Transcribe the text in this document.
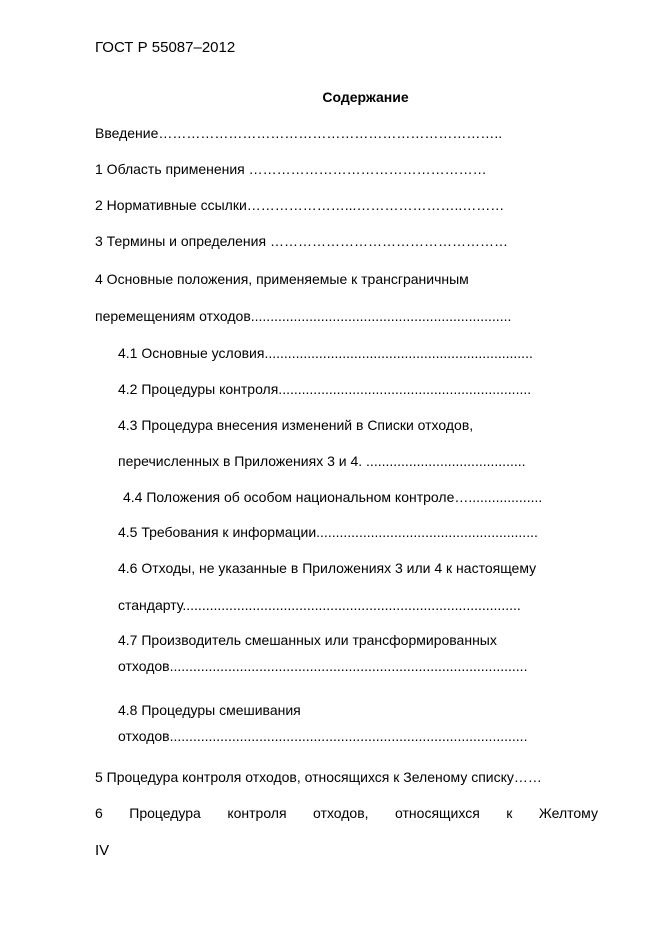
ГОСТ Р 55087–2012
Содержание
Введение………………………………………………………………..
1 Область применения ……………………………………………
2 Нормативные ссылки…………………...…………………..………
3 Термины и определения ……………………………………………
4 Основные положения, применяемые к трансграничным
перемещениям отходов...................................................................
4.1 Основные условия.....................................................................
4.2 Процедуры контроля.................................................................
4.3 Процедура внесения изменений в Списки отходов,
перечисленных в Приложениях 3 и 4. .........................................
4.4 Положения об особом национальном контроле…...................
4.5 Требования к информации.........................................................
4.6 Отходы, не указанные в Приложениях 3 или 4 к настоящему
стандарту.......................................................................................
4.7 Производитель смешанных или трансформированных
отходов............................................................................................
4.8 Процедуры смешивания
отходов............................................................................................
5 Процедура контроля отходов, относящихся к Зеленому списку……
6 Процедура контроля отходов, относящихся к Желтому
IV
